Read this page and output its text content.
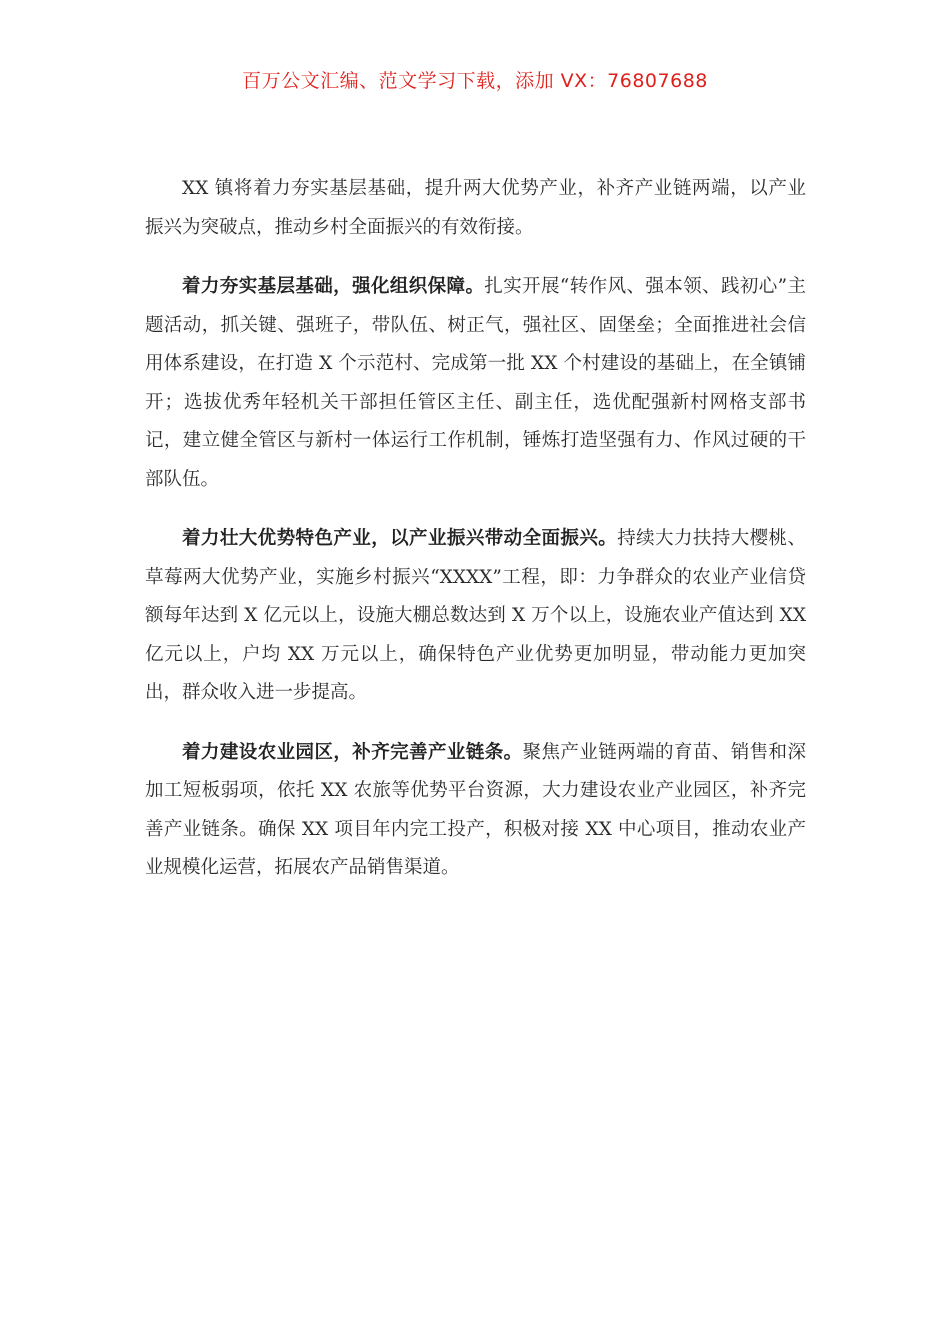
百万公文汇编、范文学习下载，添加 VX：76807688

XX 镇将着力夯实基层基础，提升两大优势产业，补齐产业链两端，以产业振兴为突破点，推动乡村全面振兴的有效衔接。

着力夯实基层基础，强化组织保障。扎实开展“转作风、强本领、践初心”主题活动，抓关键、强班子，带队伍、树正气，强社区、固堡垒；全面推进社会信用体系建设，在打造 X 个示范村、完成第一批 XX 个村建设的基础上，在全镇铺开；选拔优秀年轻机关干部担任管区主任、副主任，选优配强新村网格支部书记，建立健全管区与新村一体运行工作机制，锤炼打造坚强有力、作风过硬的干部队伍。

着力壮大优势特色产业，以产业振兴带动全面振兴。持续大力扶持大樱桃、草莓两大优势产业，实施乡村振兴“XXXX”工程，即：力争群众的农业产业信贷额每年达到 X 亿元以上，设施大棚总数达到 X 万个以上，设施农业产值达到 XX 亿元以上，户均 XX 万元以上，确保特色产业优势更加明显，带动能力更加突出，群众收入进一步提高。

着力建设农业园区，补齐完善产业链条。聚焦产业链两端的育苗、销售和深加工短板弱项，依托 XX 农旅等优势平台资源，大力建设农业产业园区，补齐完善产业链条。确保 XX 项目年内完工投产，积极对接 XX 中心项目，推动农业产业规模化运营，拓展农产品销售渠道。
